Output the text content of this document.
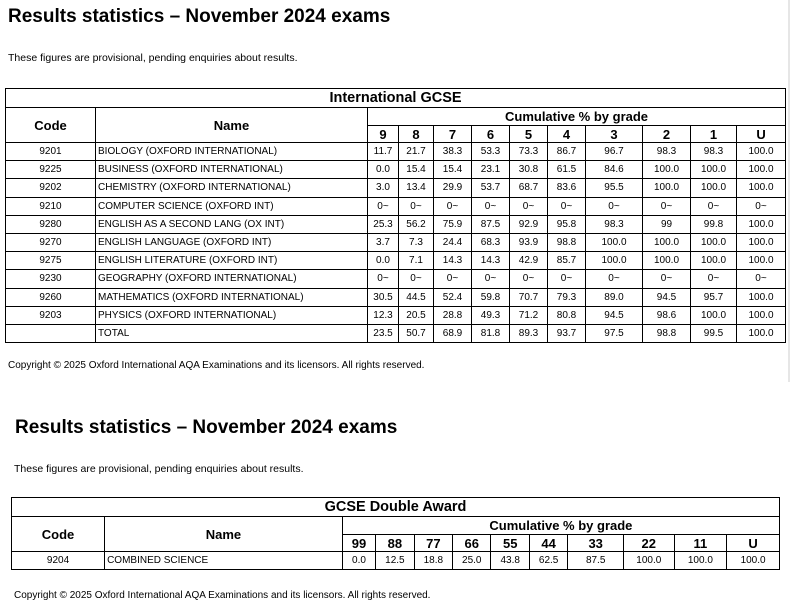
Results statistics – November 2024 exams
These figures are provisional, pending enquiries about results.
International GCSE											
Code	Name	Cumulative % by grade									
		9	8	7	6	5	4	3	2	1	U
9201	BIOLOGY (OXFORD INTERNATIONAL)	11.7	21.7	38.3	53.3	73.3	86.7	96.7	98.3	98.3	100.0
9225	BUSINESS (OXFORD INTERNATIONAL)	0.0	15.4	15.4	23.1	30.8	61.5	84.6	100.0	100.0	100.0
9202	CHEMISTRY (OXFORD INTERNATIONAL)	3.0	13.4	29.9	53.7	68.7	83.6	95.5	100.0	100.0	100.0
9210	COMPUTER SCIENCE (OXFORD INT)	0~	0~	0~	0~	0~	0~	0~	0~	0~	0~
9280	ENGLISH AS A SECOND LANG (OX INT)	25.3	56.2	75.9	87.5	92.9	95.8	98.3	99	99.8	100.0
9270	ENGLISH LANGUAGE (OXFORD INT)	3.7	7.3	24.4	68.3	93.9	98.8	100.0	100.0	100.0	100.0
9275	ENGLISH LITERATURE (OXFORD INT)	0.0	7.1	14.3	14.3	42.9	85.7	100.0	100.0	100.0	100.0
9230	GEOGRAPHY (OXFORD INTERNATIONAL)	0~	0~	0~	0~	0~	0~	0~	0~	0~	0~
9260	MATHEMATICS (OXFORD INTERNATIONAL)	30.5	44.5	52.4	59.8	70.7	79.3	89.0	94.5	95.7	100.0
9203	PHYSICS (OXFORD INTERNATIONAL)	12.3	20.5	28.8	49.3	71.2	80.8	94.5	98.6	100.0	100.0
	TOTAL	23.5	50.7	68.9	81.8	89.3	93.7	97.5	98.8	99.5	100.0
Copyright © 2025 Oxford International AQA Examinations and its licensors. All rights reserved.
Results statistics – November 2024 exams
These figures are provisional, pending enquiries about results.
GCSE Double Award											
Code	Name	Cumulative % by grade									
		99	88	77	66	55	44	33	22	11	U
9204	COMBINED SCIENCE	0.0	12.5	18.8	25.0	43.8	62.5	87.5	100.0	100.0	100.0
Copyright © 2025 Oxford International AQA Examinations and its licensors. All rights reserved.
